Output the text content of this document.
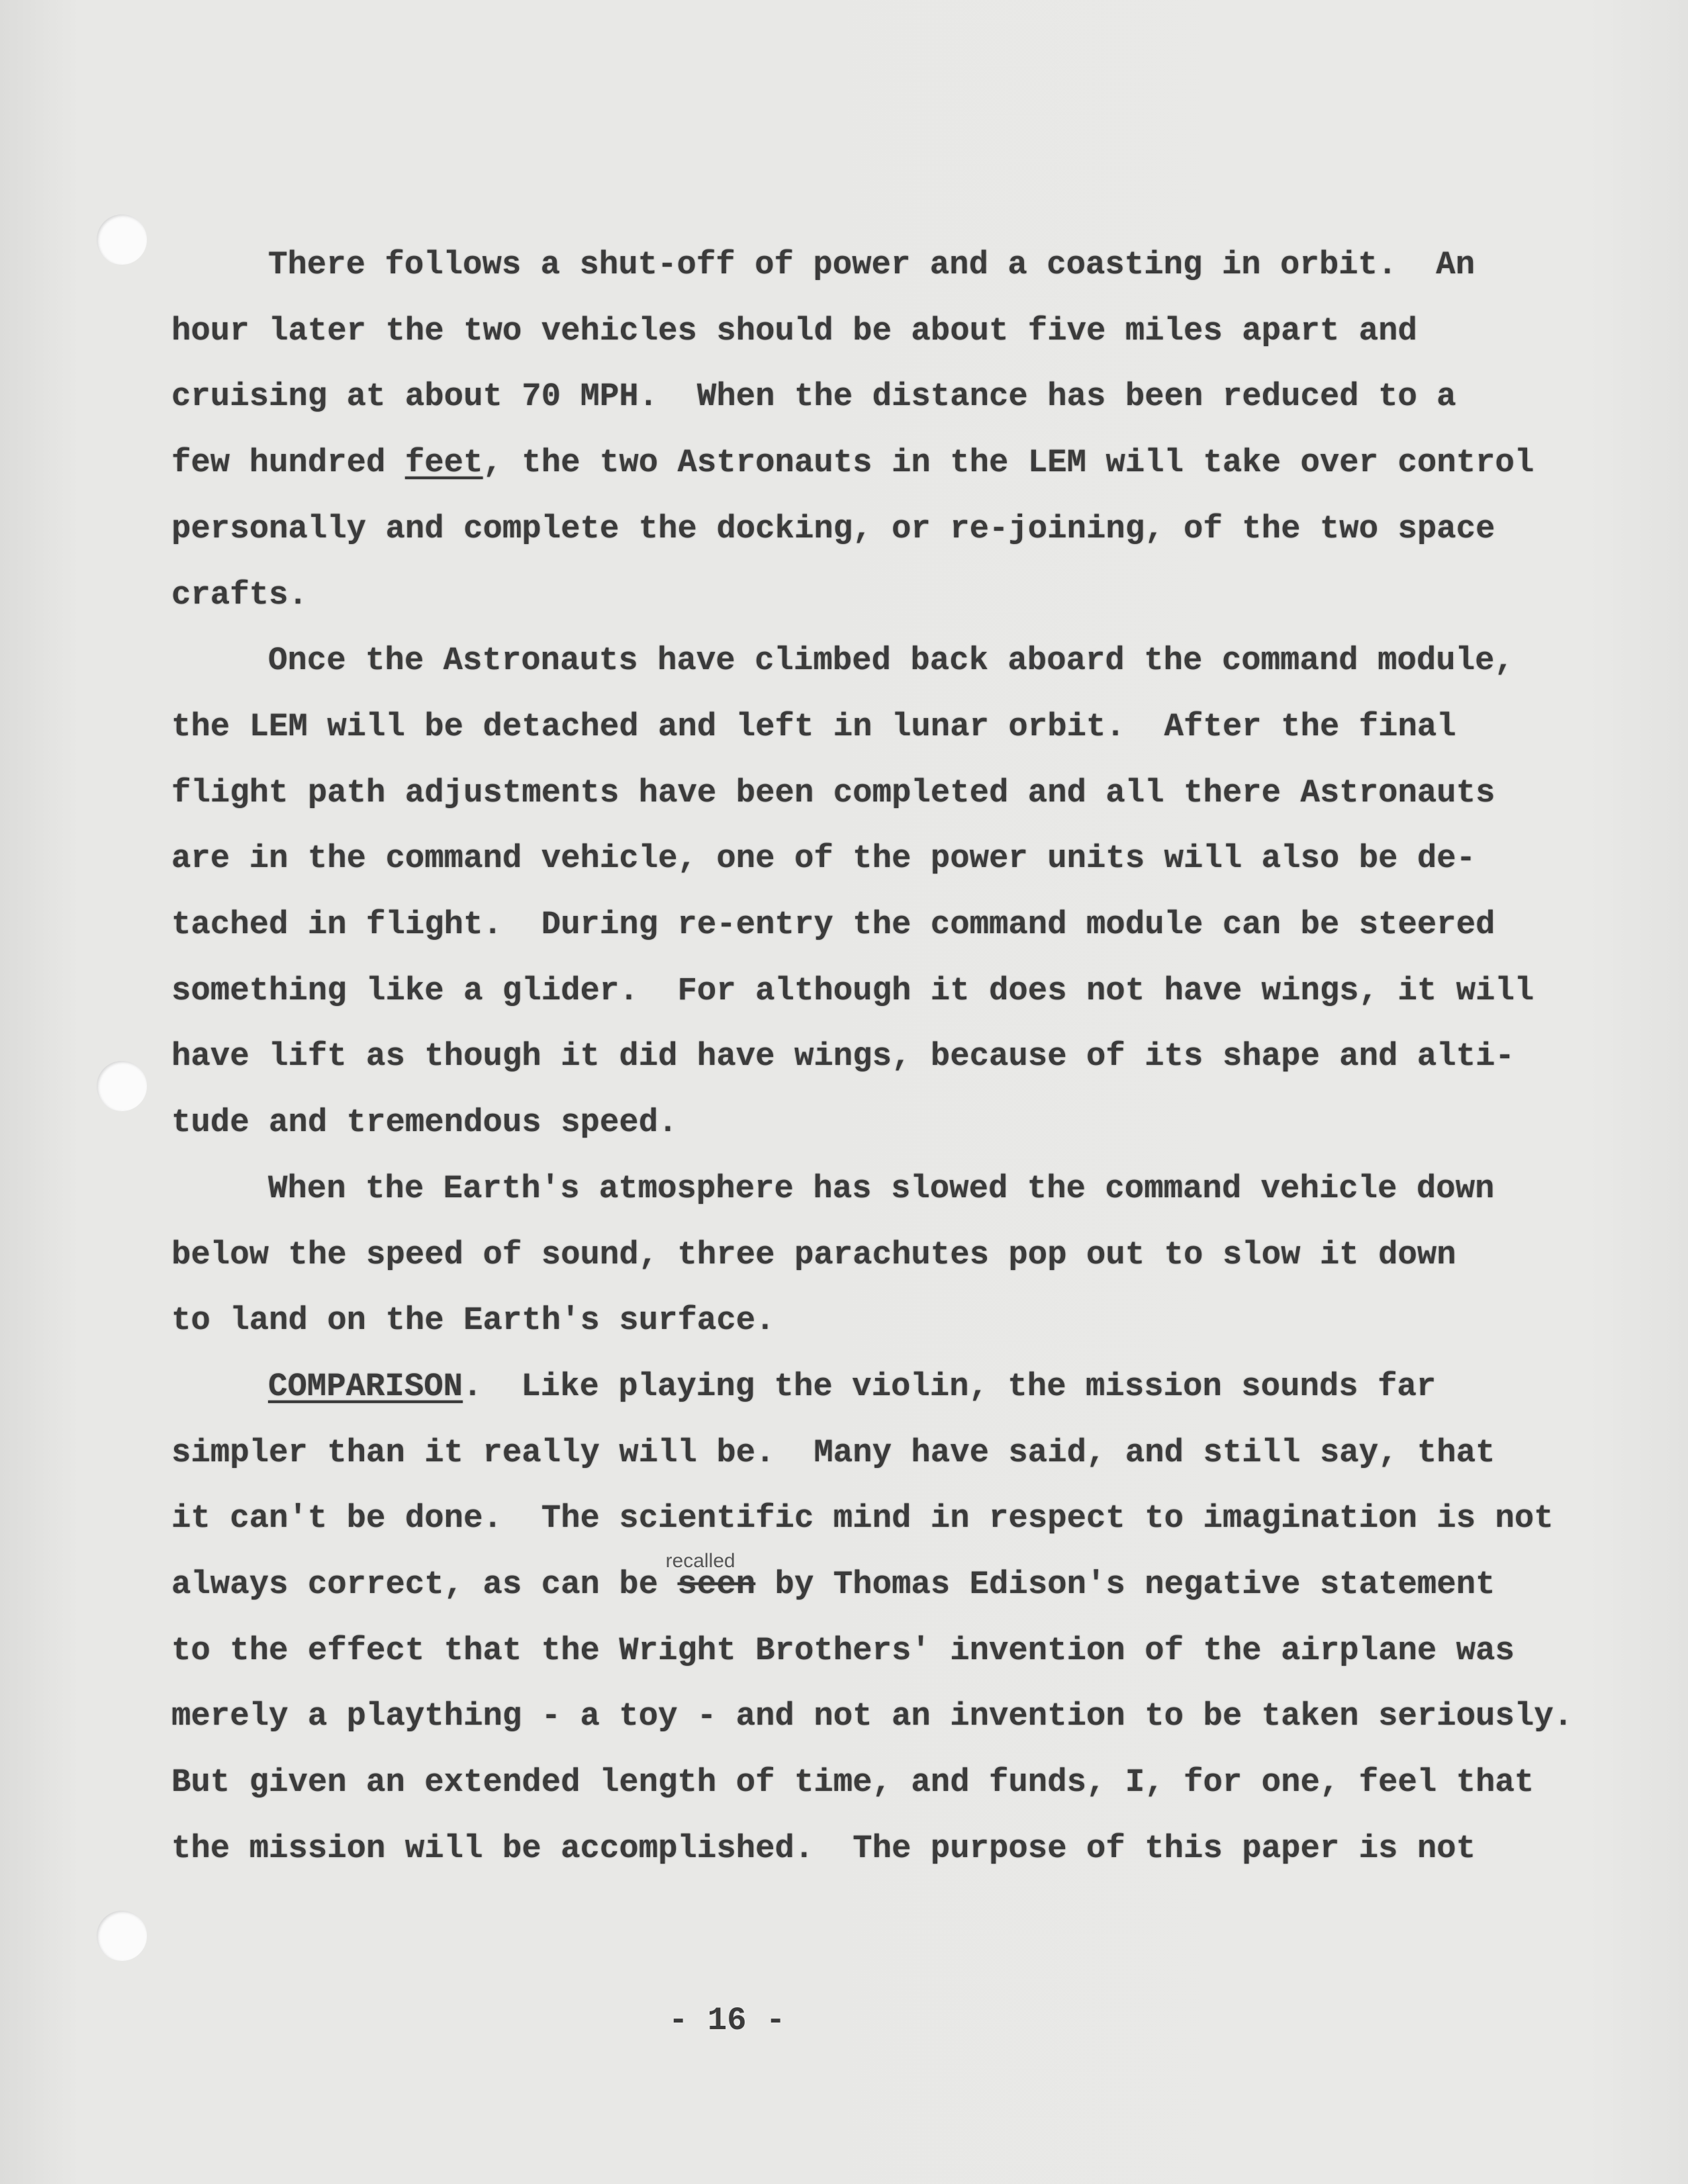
There follows a shut-off of power and a coasting in orbit.  An
hour later the two vehicles should be about five miles apart and
cruising at about 70 MPH.  When the distance has been reduced to a
few hundred feet, the two Astronauts in the LEM will take over control
personally and complete the docking, or re-joining, of the two space
crafts.
Once the Astronauts have climbed back aboard the command module,
the LEM will be detached and left in lunar orbit.  After the final
flight path adjustments have been completed and all there Astronauts
are in the command vehicle, one of the power units will also be de-
tached in flight.  During re-entry the command module can be steered
something like a glider.  For although it does not have wings, it will
have lift as though it did have wings, because of its shape and alti-
tude and tremendous speed.
When the Earth's atmosphere has slowed the command vehicle down
below the speed of sound, three parachutes pop out to slow it down
to land on the Earth's surface.
COMPARISON.  Like playing the violin, the mission sounds far
simpler than it really will be.  Many have said, and still say, that
it can't be done.  The scientific mind in respect to imagination is not
always correct, as can be seen
recalled
by Thomas Edison's negative statement
to the effect that the Wright Brothers' invention of the airplane was
merely a plaything - a toy - and not an invention to be taken seriously.
But given an extended length of time, and funds, I, for one, feel that
the mission will be accomplished.  The purpose of this paper is not
- 16 -
